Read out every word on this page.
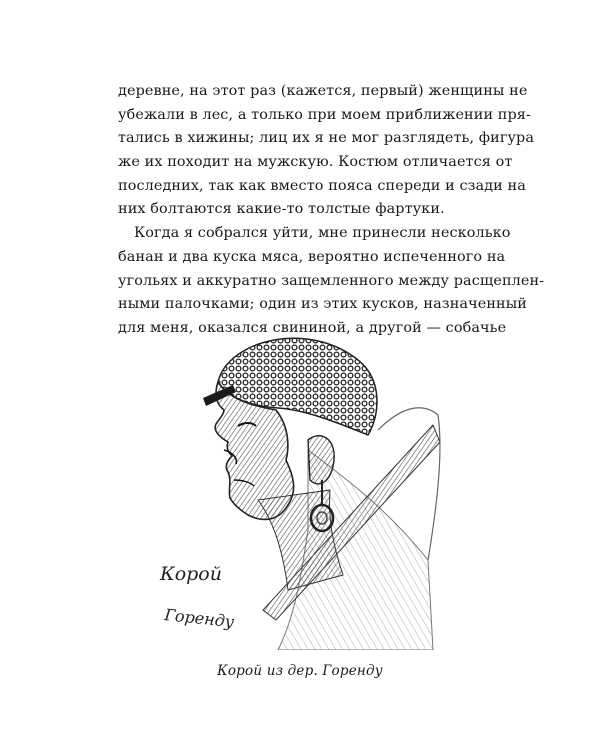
деревне, на этот раз (кажется, первый) женщины не
убежали в лес, а только при моем приближении пря-
тались в хижины; лиц их я не мог разглядеть, фигура
же их походит на мужскую. Костюм отличается от
последних, так как вместо пояса спереди и сзади на
них болтаются какие-то толстые фартуки.
Когда я собрался уйти, мне принесли несколько
банан и два куска мяса, вероятно испеченного на
угольях и аккуратно защемленного между расщеплен-
ными палочками; один из этих кусков, назначенный
для меня, оказался свининой, а другой — собачье
Корой
Горенду
Корой из дер. Горенду
